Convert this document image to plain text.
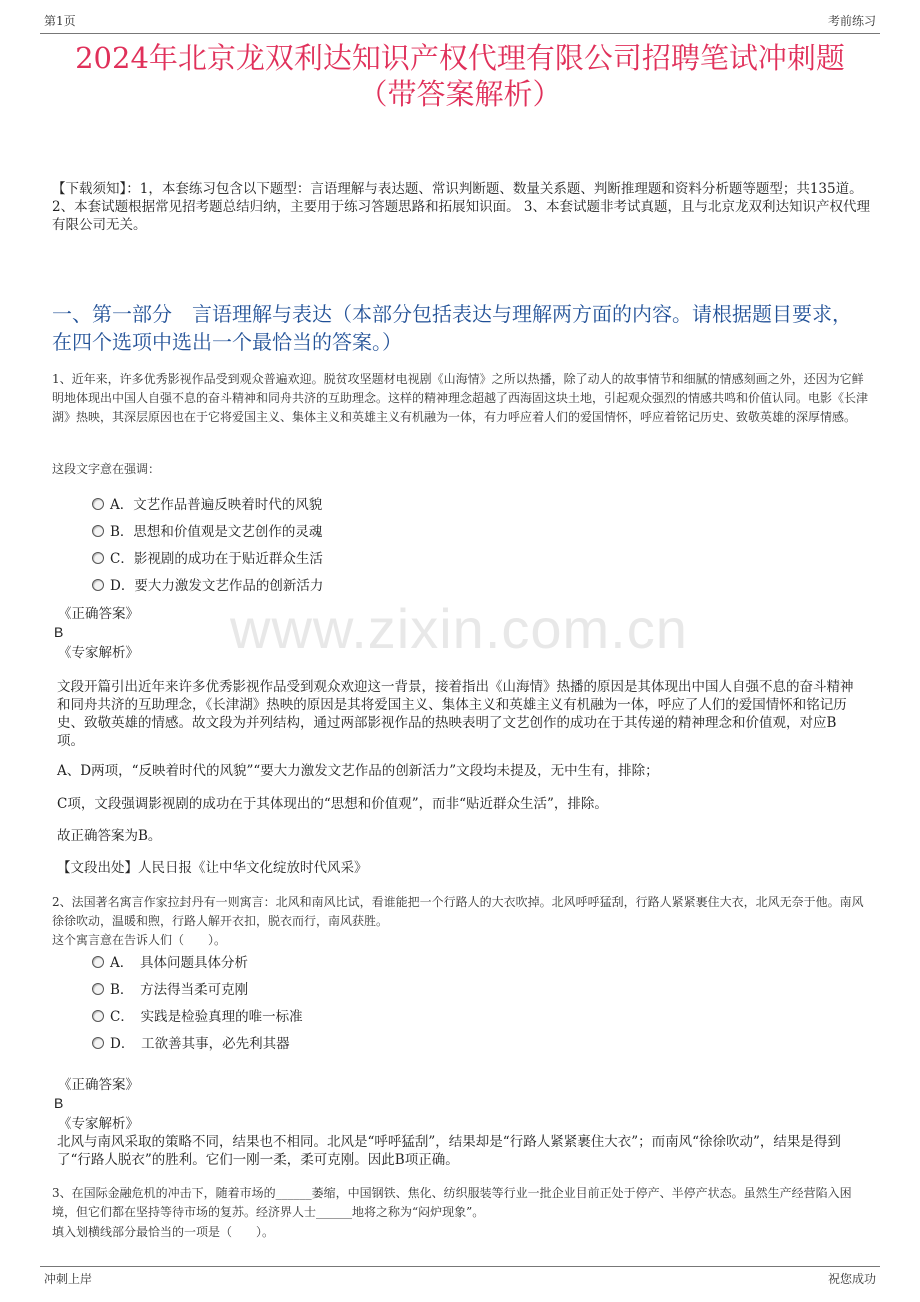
第1页	考前练习
2024年北京龙双利达知识产权代理有限公司招聘笔试冲刺题
（带答案解析）
【下载须知】：1，本套练习包含以下题型：言语理解与表达题、常识判断题、数量关系题、判断推理题和资料分析题等题型；共135道。 2、本套试题根据常见招考题总结归纳，主要用于练习答题思路和拓展知识面。 3、本套试题非考试真题，且与北京龙双利达知识产权代理有限公司无关。
一、第一部分　言语理解与表达（本部分包括表达与理解两方面的内容。请根据题目要求，在四个选项中选出一个最恰当的答案。）
www.zixin.com.cn
1、近年来，许多优秀影视作品受到观众普遍欢迎。脱贫攻坚题材电视剧《山海情》之所以热播，除了动人的故事情节和细腻的情感刻画之外，还因为它鲜明地体现出中国人自强不息的奋斗精神和同舟共济的互助理念。这样的精神理念超越了西海固这块土地，引起观众强烈的情感共鸣和价值认同。电影《长津湖》热映，其深层原因也在于它将爱国主义、集体主义和英雄主义有机融为一体，有力呼应着人们的爱国情怀，呼应着铭记历史、致敬英雄的深厚情感。
这段文字意在强调：
A．文艺作品普遍反映着时代的风貌
B．思想和价值观是文艺创作的灵魂
C．影视剧的成功在于贴近群众生活
D．要大力激发文艺作品的创新活力
《正确答案》
B
《专家解析》
文段开篇引出近年来许多优秀影视作品受到观众欢迎这一背景，接着指出《山海情》热播的原因是其体现出中国人自强不息的奋斗精神和同舟共济的互助理念，《长津湖》热映的原因是其将爱国主义、集体主义和英雄主义有机融为一体，呼应了人们的爱国情怀和铭记历史、致敬英雄的情感。故文段为并列结构，通过两部影视作品的热映表明了文艺创作的成功在于其传递的精神理念和价值观，对应B项。
A、D两项，“反映着时代的风貌”“要大力激发文艺作品的创新活力”文段均未提及，无中生有，排除；
C项，文段强调影视剧的成功在于其体现出的“思想和价值观”，而非“贴近群众生活”，排除。
故正确答案为B。
【文段出处】人民日报《让中华文化绽放时代风采》
2、法国著名寓言作家拉封丹有一则寓言：北风和南风比试，看谁能把一个行路人的大衣吹掉。北风呼呼猛刮，行路人紧紧裹住大衣，北风无奈于他。南风徐徐吹动，温暖和煦，行路人解开衣扣，脱衣而行，南风获胜。
这个寓言意在告诉人们（　　）。
A．　具体问题具体分析
B．　方法得当柔可克刚
C．　实践是检验真理的唯一标准
D．　工欲善其事，必先利其器
《正确答案》
B
《专家解析》
北风与南风采取的策略不同，结果也不相同。北风是“呼呼猛刮”，结果却是“行路人紧紧裹住大衣”；而南风“徐徐吹动”，结果是得到了“行路人脱衣”的胜利。它们一刚一柔，柔可克刚。因此B项正确。
3、在国际金融危机的冲击下，随着市场的______萎缩，中国钢铁、焦化、纺织服装等行业一批企业目前正处于停产、半停产状态。虽然生产经营陷入困境，但它们都在坚持等待市场的复苏。经济界人士______地将之称为“闷炉现象”。
填入划横线部分最恰当的一项是（　　）。
冲刺上岸	祝您成功
